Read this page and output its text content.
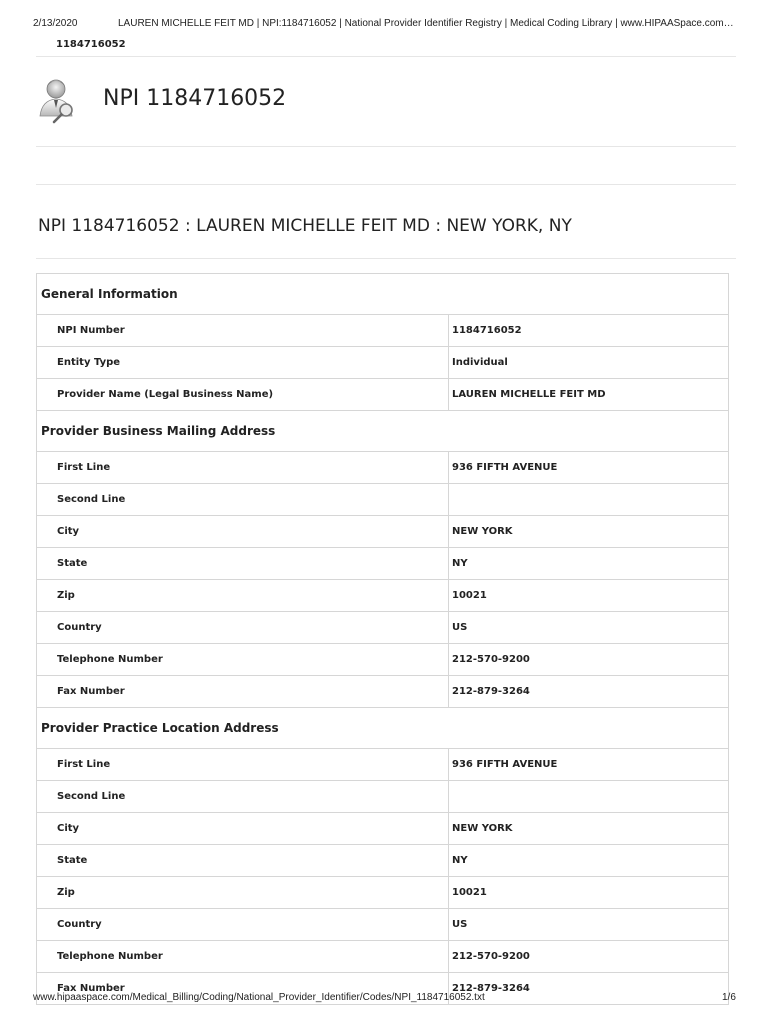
2/13/2020	LAUREN MICHELLE FEIT MD | NPI:1184716052 | National Provider Identifier Registry | Medical Coding Library | www.HIPAASpace.com…
1184716052
NPI 1184716052
NPI 1184716052 : LAUREN MICHELLE FEIT MD : NEW YORK, NY
General Information	
NPI Number	1184716052
Entity Type	Individual
Provider Name (Legal Business Name)	LAUREN MICHELLE FEIT MD
Provider Business Mailing Address	
First Line	936 FIFTH AVENUE
Second Line	
City	NEW YORK
State	NY
Zip	10021
Country	US
Telephone Number	212-570-9200
Fax Number	212-879-3264
Provider Practice Location Address	
First Line	936 FIFTH AVENUE
Second Line	
City	NEW YORK
State	NY
Zip	10021
Country	US
Telephone Number	212-570-9200
Fax Number	212-879-3264
www.hipaaspace.com/Medical_Billing/Coding/National_Provider_Identifier/Codes/NPI_1184716052.txt	1/6
